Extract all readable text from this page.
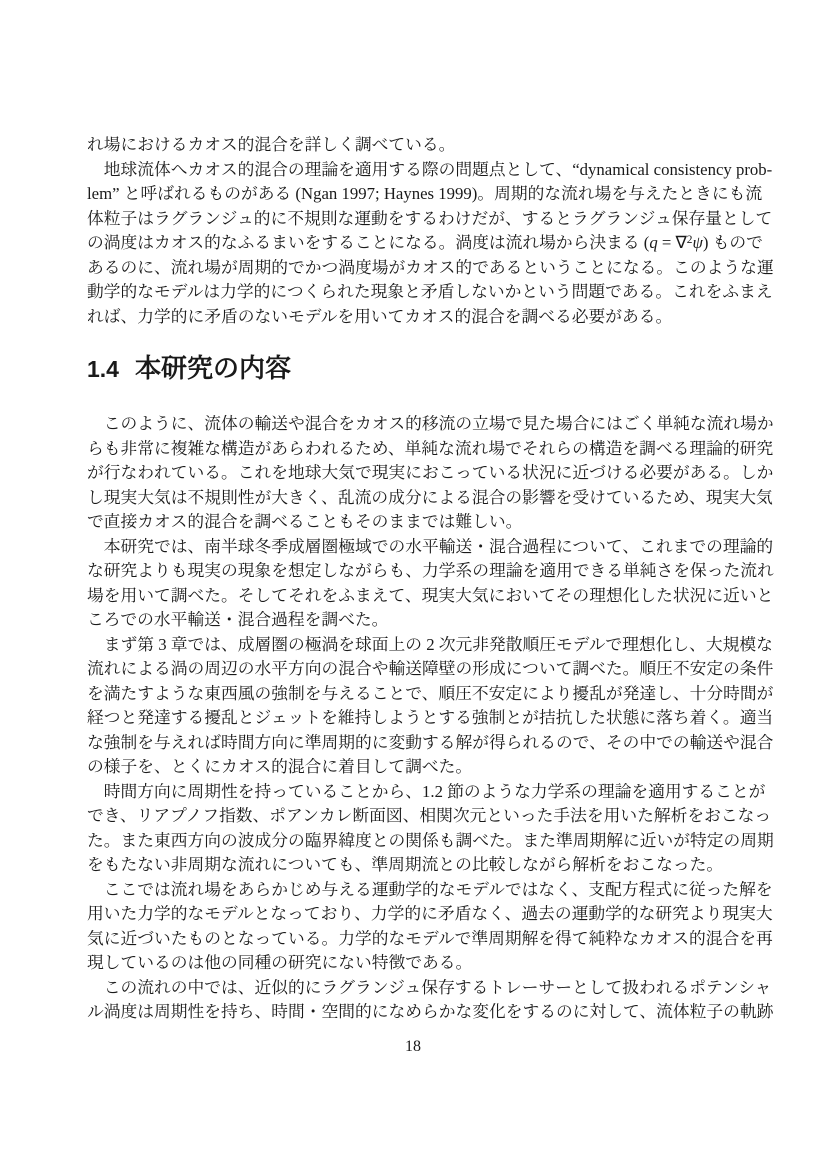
れ場におけるカオス的混合を詳しく調べている。

地球流体へカオス的混合の理論を適用する際の問題点として、“dynamical consistency prob-
lem” と呼ばれるものがある (Ngan 1997; Haynes 1999)。周期的な流れ場を与えたときにも流
体粒子はラグランジュ的に不規則な運動をするわけだが、するとラグランジュ保存量として
の渦度はカオス的なふるまいをすることになる。渦度は流れ場から決まる (q = ∇$^2$ψ) もので
あるのに、流れ場が周期的でかつ渦度場がカオス的であるということになる。このような運
動学的なモデルは力学的につくられた現象と矛盾しないかという問題である。これをふまえ
れば、力学的に矛盾のないモデルを用いてカオス的混合を調べる必要がある。

1.4 本研究の内容

このように、流体の輸送や混合をカオス的移流の立場で見た場合にはごく単純な流れ場か
らも非常に複雑な構造があらわれるため、単純な流れ場でそれらの構造を調べる理論的研究
が行なわれている。これを地球大気で現実におこっている状況に近づける必要がある。しか
し現実大気は不規則性が大きく、乱流の成分による混合の影響を受けているため、現実大気
で直接カオス的混合を調べることもそのままでは難しい。

本研究では、南半球冬季成層圏極域での水平輸送・混合過程について、これまでの理論的
な研究よりも現実の現象を想定しながらも、力学系の理論を適用できる単純さを保った流れ
場を用いて調べた。そしてそれをふまえて、現実大気においてその理想化した状況に近いと
ころでの水平輸送・混合過程を調べた。

まず第 3 章では、成層圏の極渦を球面上の 2 次元非発散順圧モデルで理想化し、大規模な
流れによる渦の周辺の水平方向の混合や輸送障壁の形成について調べた。順圧不安定の条件
を満たすような東西風の強制を与えることで、順圧不安定により擾乱が発達し、十分時間が
経つと発達する擾乱とジェットを維持しようとする強制とが拮抗した状態に落ち着く。適当
な強制を与えれば時間方向に準周期的に変動する解が得られるので、その中での輸送や混合
の様子を、とくにカオス的混合に着目して調べた。

時間方向に周期性を持っていることから、1.2 節のような力学系の理論を適用することが
でき、リアプノフ指数、ポアンカレ断面図、相関次元といった手法を用いた解析をおこなっ
た。また東西方向の波成分の臨界緯度との関係も調べた。また準周期解に近いが特定の周期
をもたない非周期な流れについても、準周期流との比較しながら解析をおこなった。

ここでは流れ場をあらかじめ与える運動学的なモデルではなく、支配方程式に従った解を
用いた力学的なモデルとなっており、力学的に矛盾なく、過去の運動学的な研究より現実大
気に近づいたものとなっている。力学的なモデルで準周期解を得て純粋なカオス的混合を再
現しているのは他の同種の研究にない特徴である。

この流れの中では、近似的にラグランジュ保存するトレーサーとして扱われるポテンシャ
ル渦度は周期性を持ち、時間・空間的になめらかな変化をするのに対して、流体粒子の軌跡

18
